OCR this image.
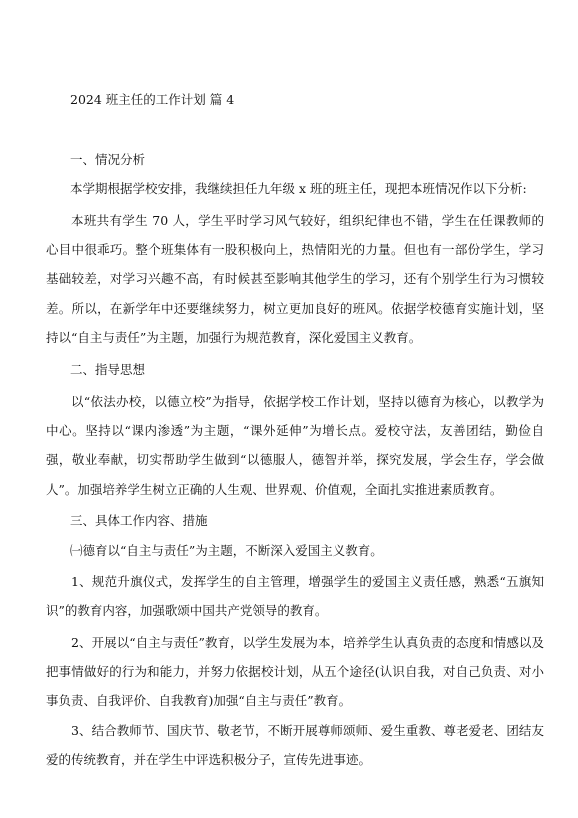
2024 班主任的工作计划 篇 4
一、情况分析
本学期根据学校安排，我继续担任九年级 x 班的班主任，现把本班情况作以下分析:
本班共有学生 70 人，学生平时学习风气较好，组织纪律也不错，学生在任课教师的心目中很乖巧。整个班集体有一股积极向上，热情阳光的力量。但也有一部份学生，学习基础较差，对学习兴趣不高，有时候甚至影响其他学生的学习，还有个别学生行为习惯较差。所以，在新学年中还要继续努力，树立更加良好的班风。依据学校德育实施计划，坚持以“自主与责任”为主题，加强行为规范教育，深化爱国主义教育。
二、指导思想
以“依法办校，以德立校”为指导，依据学校工作计划，坚持以德育为核心，以教学为中心。坚持以“课内渗透”为主题，“课外延伸”为增长点。爱校守法，友善团结，勤俭自强，敬业奉献，切实帮助学生做到“以德服人，德智并举，探究发展，学会生存，学会做人”。加强培养学生树立正确的人生观、世界观、价值观，全面扎实推进素质教育。
三、具体工作内容、措施
㈠德育以“自主与责任”为主题，不断深入爱国主义教育。
1、规范升旗仪式，发挥学生的自主管理，增强学生的爱国主义责任感，熟悉“五旗知识”的教育内容，加强歌颂中国共产党领导的教育。
2、开展以“自主与责任”教育，以学生发展为本，培养学生认真负责的态度和情感以及把事情做好的行为和能力，并努力依据校计划，从五个途径(认识自我，对自己负责、对小事负责、自我评价、自我教育)加强“自主与责任”教育。
3、结合教师节、国庆节、敬老节，不断开展尊师颂师、爱生重教、尊老爱老、团结友爱的传统教育，并在学生中评选积极分子，宣传先进事迹。
